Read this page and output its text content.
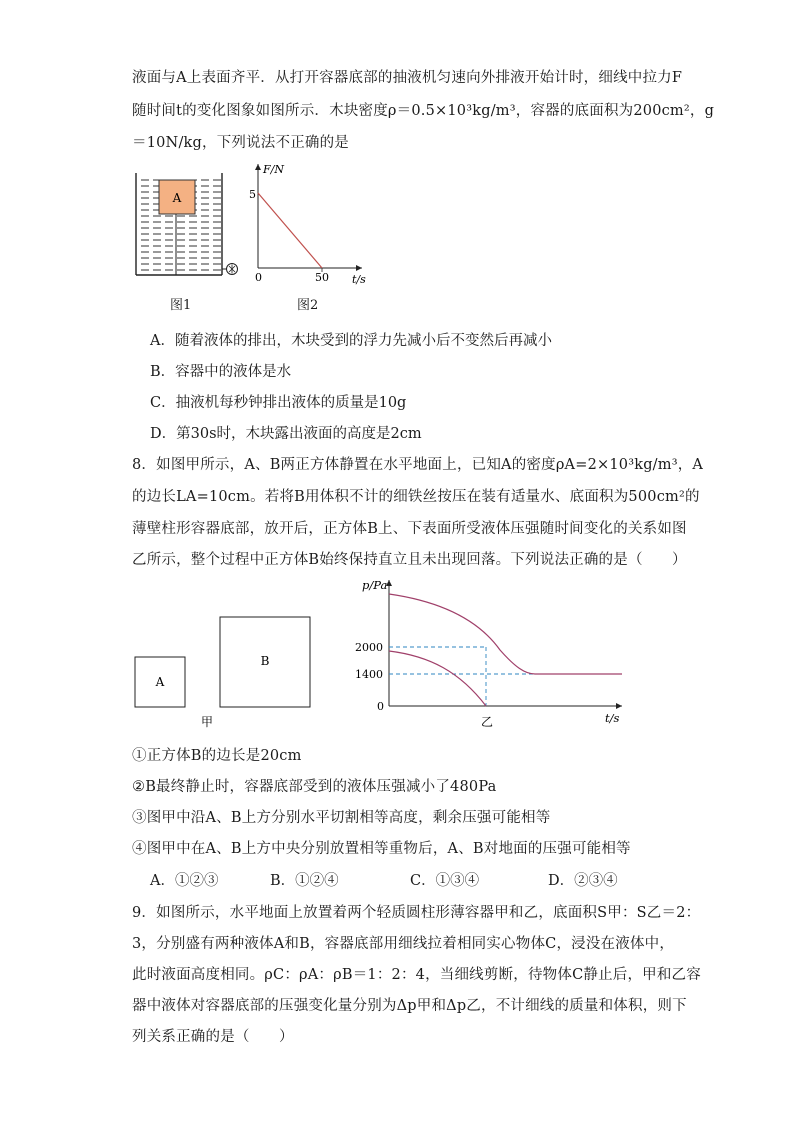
液面与A上表面齐平．从打开容器底部的抽液机匀速向外排液开始计时，细线中拉力F
随时间t的变化图象如图所示．木块密度ρ＝0.5×10³kg/m³，容器的底面积为200cm²，g
＝10N/kg，下列说法不正确的是
A
图1
F/N
t/s
0
5
50
图2
A．随着液体的排出，木块受到的浮力先减小后不变然后再减小
B．容器中的液体是水
C．抽液机每秒钟排出液体的质量是10g
D．第30s时，木块露出液面的高度是2cm
8．如图甲所示，A、B两正方体静置在水平地面上，已知A的密度ρA=2×10³kg/m³，A
的边长LA=10cm。若将B用体积不计的细铁丝按压在装有适量水、底面积为500cm²的
薄壁柱形容器底部，放开后，正方体B上、下表面所受液体压强随时间变化的关系如图
乙所示，整个过程中正方体B始终保持直立且未出现回落。下列说法正确的是（　　）
A
B
甲
p/Pa
t/s
0
2000
1400
乙
①正方体B的边长是20cm
②B最终静止时，容器底部受到的液体压强减小了480Pa
③图甲中沿A、B上方分别水平切割相等高度，剩余压强可能相等
④图甲中在A、B上方中央分别放置相等重物后，A、B对地面的压强可能相等
A．①②③	B．①②④	C．①③④	D．②③④
9．如图所示，水平地面上放置着两个轻质圆柱形薄容器甲和乙，底面积S甲：S乙＝2：
3，分别盛有两种液体A和B，容器底部用细线拉着相同实心物体C，浸没在液体中，
此时液面高度相同。ρC：ρA：ρB＝1：2：4，当细线剪断，待物体C静止后，甲和乙容
器中液体对容器底部的压强变化量分别为Δp甲和Δp乙，不计细线的质量和体积，则下
列关系正确的是（　　）
